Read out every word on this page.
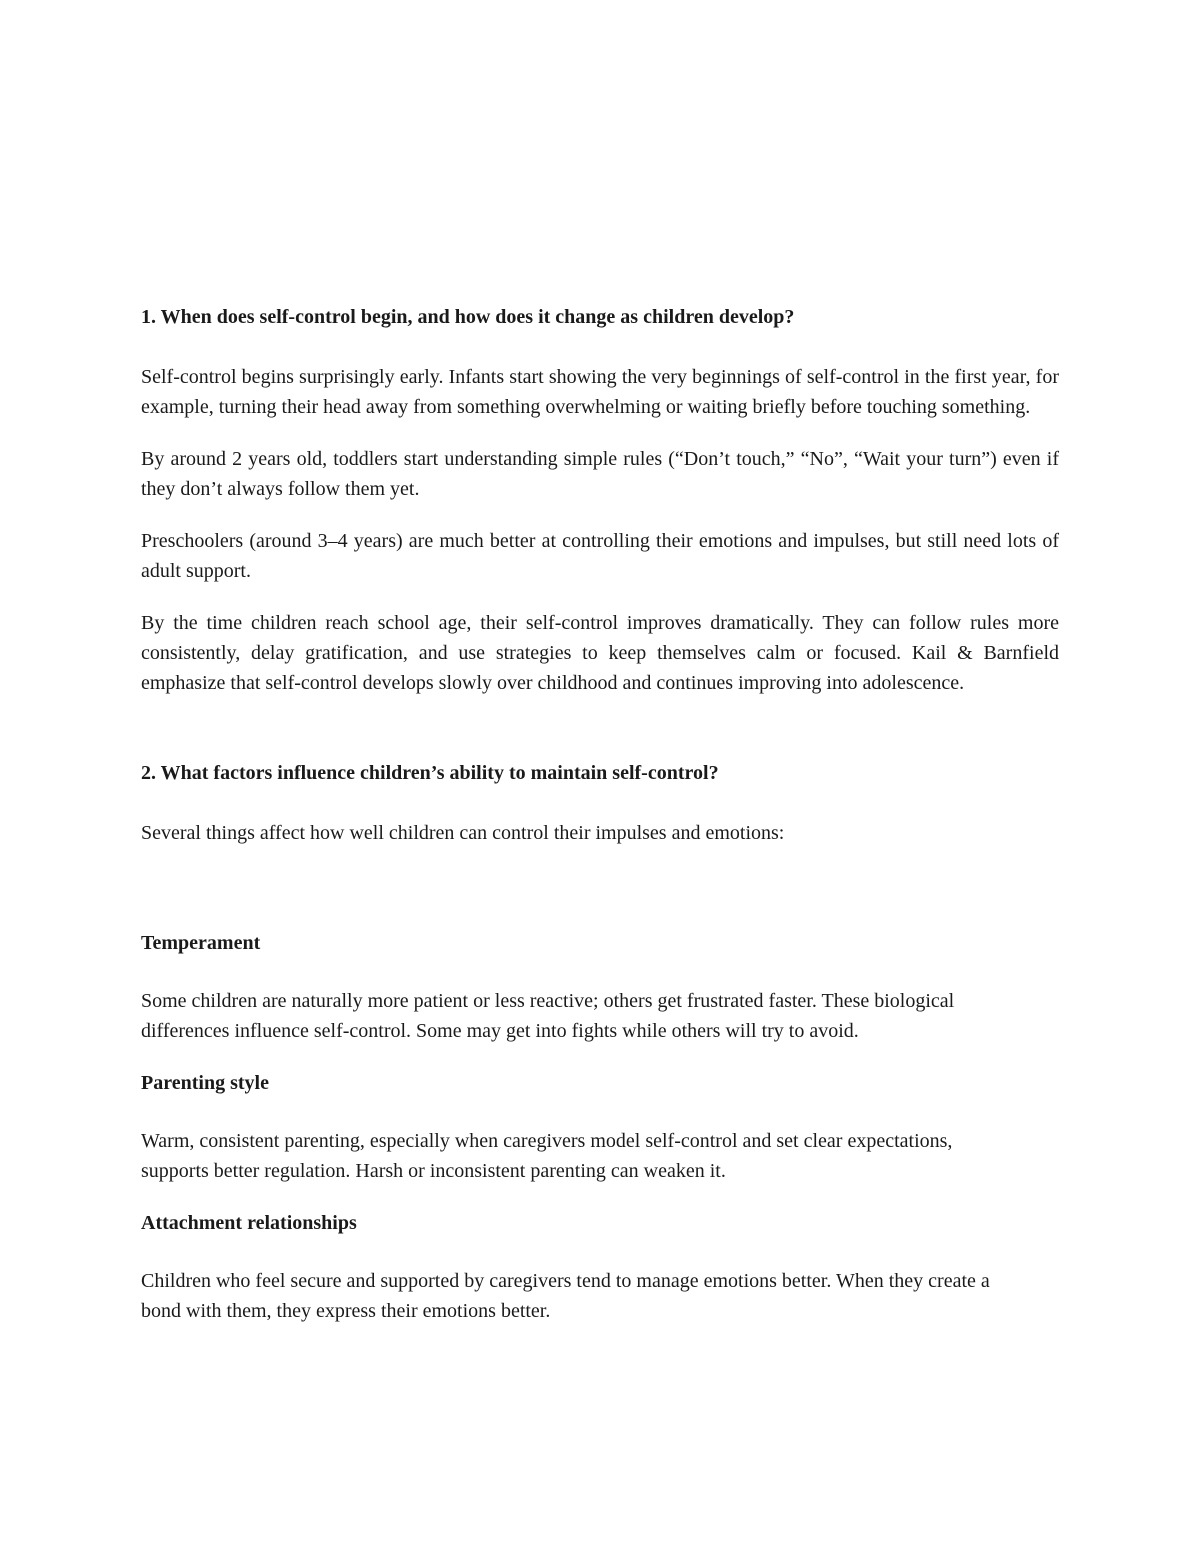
1. When does self-control begin, and how does it change as children develop?

Self-control begins surprisingly early. Infants start showing the very beginnings of self-control in the first year, for example, turning their head away from something overwhelming or waiting briefly before touching something.

By around 2 years old, toddlers start understanding simple rules (“Don’t touch,” “No”, “Wait your turn”) even if they don’t always follow them yet.

Preschoolers (around 3–4 years) are much better at controlling their emotions and impulses, but still need lots of adult support.

By the time children reach school age, their self-control improves dramatically. They can follow rules more consistently, delay gratification, and use strategies to keep themselves calm or focused. Kail & Barnfield emphasize that self-control develops slowly over childhood and continues improving into adolescence.

2. What factors influence children’s ability to maintain self-control?

Several things affect how well children can control their impulses and emotions:

Temperament

Some children are naturally more patient or less reactive; others get frustrated faster. These biological differences influence self-control. Some may get into fights while others will try to avoid.

Parenting style

Warm, consistent parenting, especially when caregivers model self-control and set clear expectations, supports better regulation. Harsh or inconsistent parenting can weaken it.

Attachment relationships

Children who feel secure and supported by caregivers tend to manage emotions better. When they create a bond with them, they express their emotions better.
